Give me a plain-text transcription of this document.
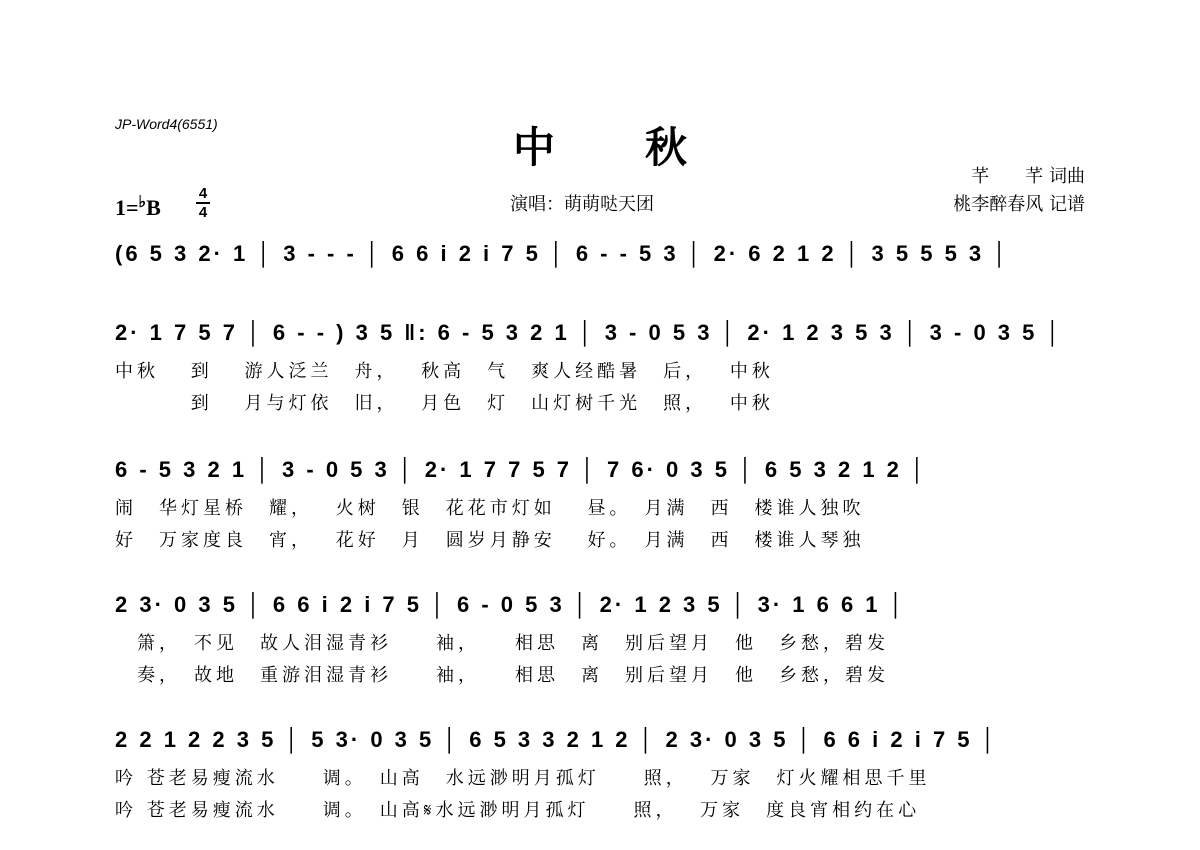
JP-Word4(6551)	中秋
芊　　芊 词曲
桃李醉春风 记谱
演唱：萌萌哒天团
1=♭B
4
4
(6 5 3 2· 1 │ 3 - - - │ 6 6 i 2 i 7 5 │ 6 - - 5 3 │ 2· 6 2 1 2 │ 3 5 5 5 3 │
2· 1 7 5 7 │ 6 - - ) 3 5 ‖: 6 - 5 3 2 1 │ 3 - 0 5 3 │ 2· 1 2 3 5 3 │ 3 - 0 3 5 │
中秋　 到　 游人泛兰　舟，　 秋高　气　爽人经酷暑　后，　 中秋
　　　 到　 月与灯依　旧，　 月色　灯　山灯树千光　照，　 中秋
6 - 5 3 2 1 │ 3 - 0 5 3 │ 2· 1 7 7 5 7 │ 7 6· 0 3 5 │ 6 5 3 2 1 2 │
闹　华灯星桥　耀，　 火树　银　花花市灯如　 昼。　月满　西　楼谁人独吹
好　万家度良　宵，　 花好　月　圆岁月静安　 好。　月满　西　楼谁人琴独
2 3· 0 3 5 │ 6 6 i 2 i 7 5 │ 6 - 0 5 3 │ 2· 1 2 3 5 │ 3· 1 6 6 1 │
　箫，　不见　故人泪湿青衫　　袖，　　相思　离　别后望月　他　乡愁，碧发
　奏，　故地　重游泪湿青衫　　袖，　　相思　离　别后望月　他　乡愁，碧发
2 2 1 2 2 3 5 │ 5 3· 0 3 5 │ 6 5 3 3 2 1 2 │ 2 3· 0 3 5 │ 6 6 i 2 i 7 5 │
吟 苍老易瘦流水　　调。　山高　水远渺明月孤灯　　照，　 万家　灯火耀相思千里
吟 苍老易瘦流水　　调。　山高𝄋水远渺明月孤灯　　照，　 万家　度良宵相约在心
